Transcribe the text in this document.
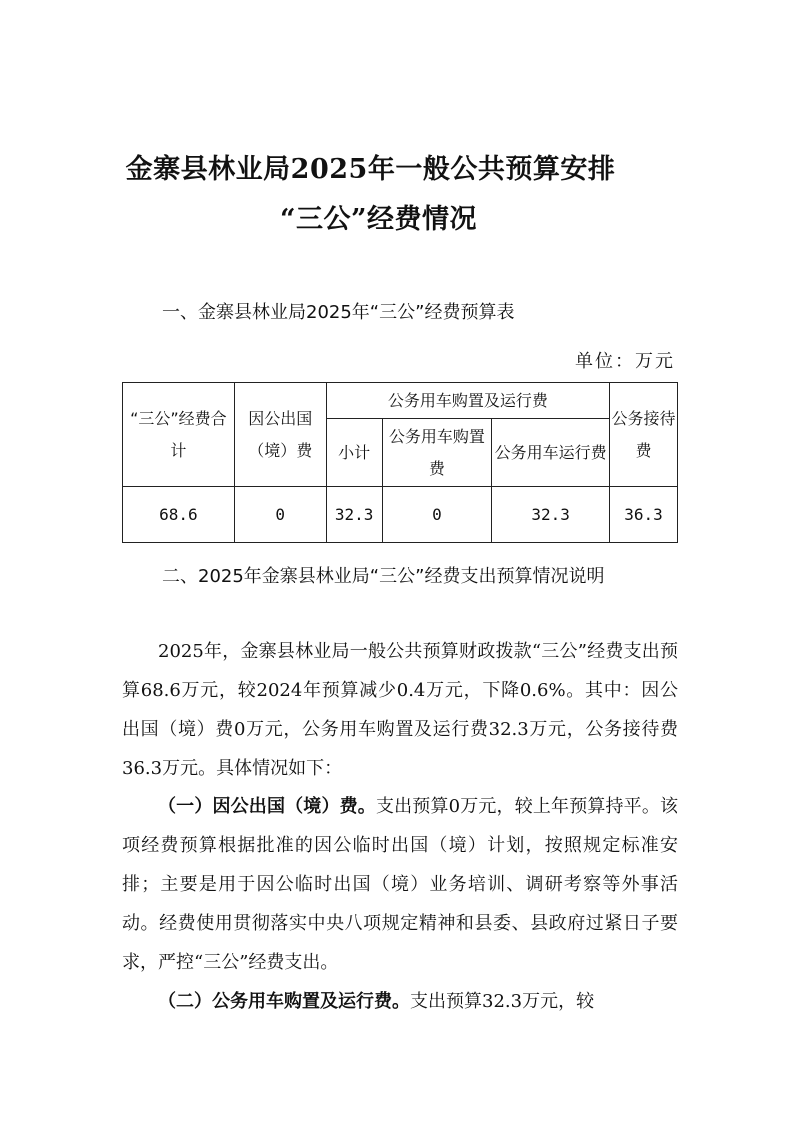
金寨县林业局2025年一般公共预算安排
“三公”经费情况
一、金寨县林业局2025年“三公”经费预算表
单位：万元
“三公”经费合计	因公出国（境）费	公务用车购置及运行费			公务接待费
		小计	公务用车购置费	公务用车运行费	
68.6	0	32.3	0	32.3	36.3
二、2025年金寨县林业局“三公”经费支出预算情况说明
2025年，金寨县林业局一般公共预算财政拨款“三公”经费支出预算68.6万元，较2024年预算减少0.4万元，下降0.6%。其中：因公出国（境）费0万元，公务用车购置及运行费32.3万元，公务接待费36.3万元。具体情况如下：
（一）因公出国（境）费。支出预算0万元，较上年预算持平。该项经费预算根据批准的因公临时出国（境）计划，按照规定标准安排；主要是用于因公临时出国（境）业务培训、调研考察等外事活动。经费使用贯彻落实中央八项规定精神和县委、县政府过紧日子要求，严控“三公”经费支出。
（二）公务用车购置及运行费。支出预算32.3万元，较
